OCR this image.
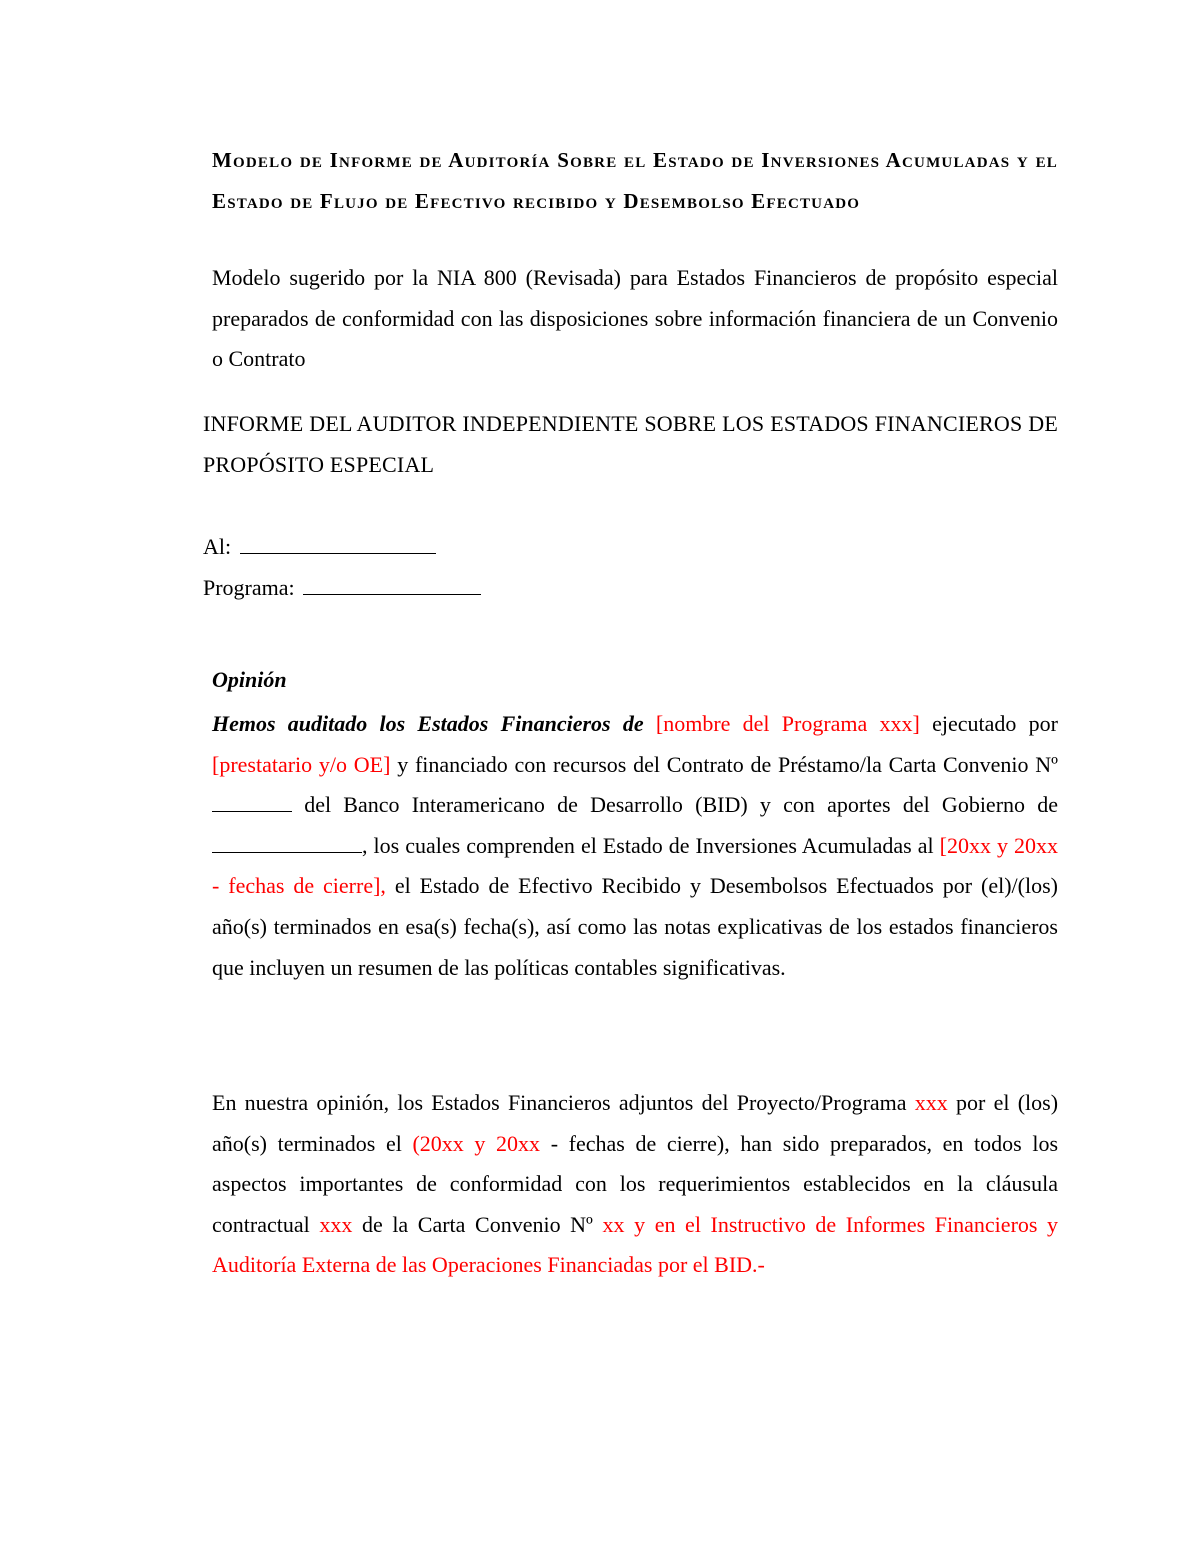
Modelo de Informe de Auditoría Sobre el Estado de Inversiones Acumuladas y el Estado de Flujo de Efectivo recibido y Desembolso Efectuado
Modelo sugerido por la NIA 800 (Revisada) para Estados Financieros de propósito especial preparados de conformidad con las disposiciones sobre información financiera de un Convenio o Contrato
INFORME DEL AUDITOR INDEPENDIENTE SOBRE LOS ESTADOS FINANCIEROS DE PROPÓSITO ESPECIAL
Al:
Programa:
Opinión
Hemos auditado los Estados Financieros de [nombre del Programa xxx] ejecutado por [prestatario y/o OE] y financiado con recursos del Contrato de Préstamo/la Carta Convenio Nº  del Banco Interamericano de Desarrollo (BID) y con aportes del Gobierno de , los cuales comprenden el Estado de Inversiones Acumuladas al [20xx y 20xx - fechas de cierre], el Estado de Efectivo Recibido y Desembolsos Efectuados por (el)/(los) año(s) terminados en esa(s) fecha(s), así como las notas explicativas de los estados financieros que incluyen un resumen de las políticas contables significativas.
En nuestra opinión, los Estados Financieros adjuntos del Proyecto/Programa xxx por el (los) año(s) terminados el (20xx y 20xx - fechas de cierre), han sido preparados, en todos los aspectos importantes de conformidad con los requerimientos establecidos en la cláusula contractual xxx de la Carta Convenio Nº xx y en el Instructivo de Informes Financieros y Auditoría Externa de las Operaciones Financiadas por el BID.-
